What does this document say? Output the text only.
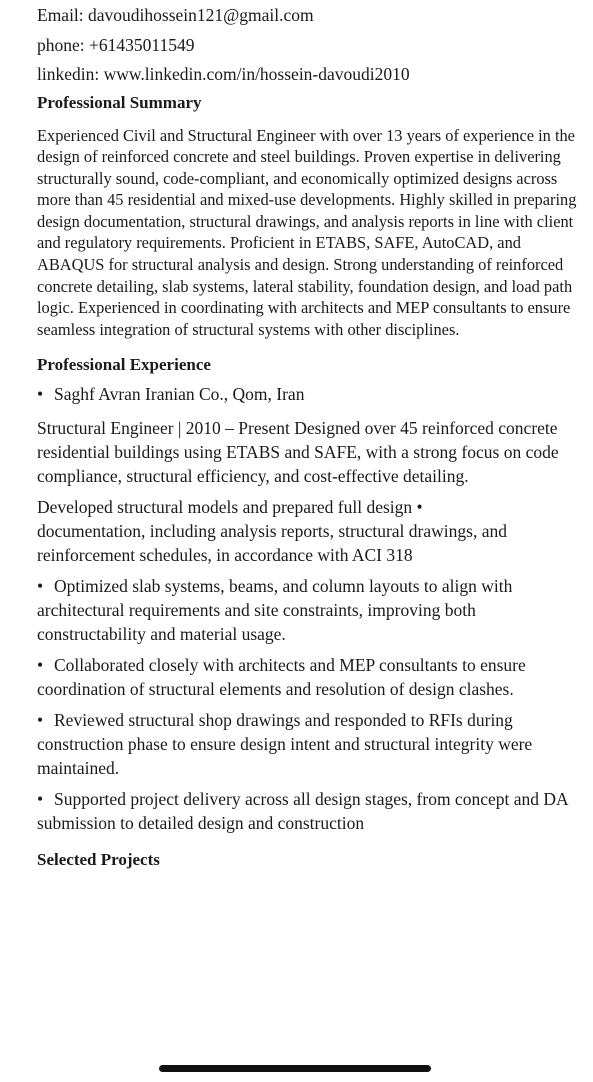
Email: davoudihossein121@gmail.com

phone: +61435011549

linkedin: www.linkedin.com/in/hossein-davoudi2010

Professional Summary

Experienced Civil and Structural Engineer with over 13 years of experience in the design of reinforced concrete and steel buildings. Proven expertise in delivering structurally sound, code-compliant, and economically optimized designs across more than 45 residential and mixed-use developments. Highly skilled in preparing design documentation, structural drawings, and analysis reports in line with client and regulatory requirements. Proficient in ETABS, SAFE, AutoCAD, and ABAQUS for structural analysis and design. Strong understanding of reinforced concrete detailing, slab systems, lateral stability, foundation design, and load path logic. Experienced in coordinating with architects and MEP consultants to ensure seamless integration of structural systems with other disciplines.

Professional Experience

• Saghf Avran Iranian Co., Qom, Iran

Structural Engineer | 2010 – Present Designed over 45 reinforced concrete residential buildings using ETABS and SAFE, with a strong focus on code compliance, structural efficiency, and cost-effective detailing.

Developed structural models and prepared full design •

documentation, including analysis reports, structural drawings, and reinforcement schedules, in accordance with ACI 318

• Optimized slab systems, beams, and column layouts to align with architectural requirements and site constraints, improving both constructability and material usage.

• Collaborated closely with architects and MEP consultants to ensure coordination of structural elements and resolution of design clashes.

• Reviewed structural shop drawings and responded to RFIs during construction phase to ensure design intent and structural integrity were maintained.

• Supported project delivery across all design stages, from concept and DA submission to detailed design and construction

Selected Projects
